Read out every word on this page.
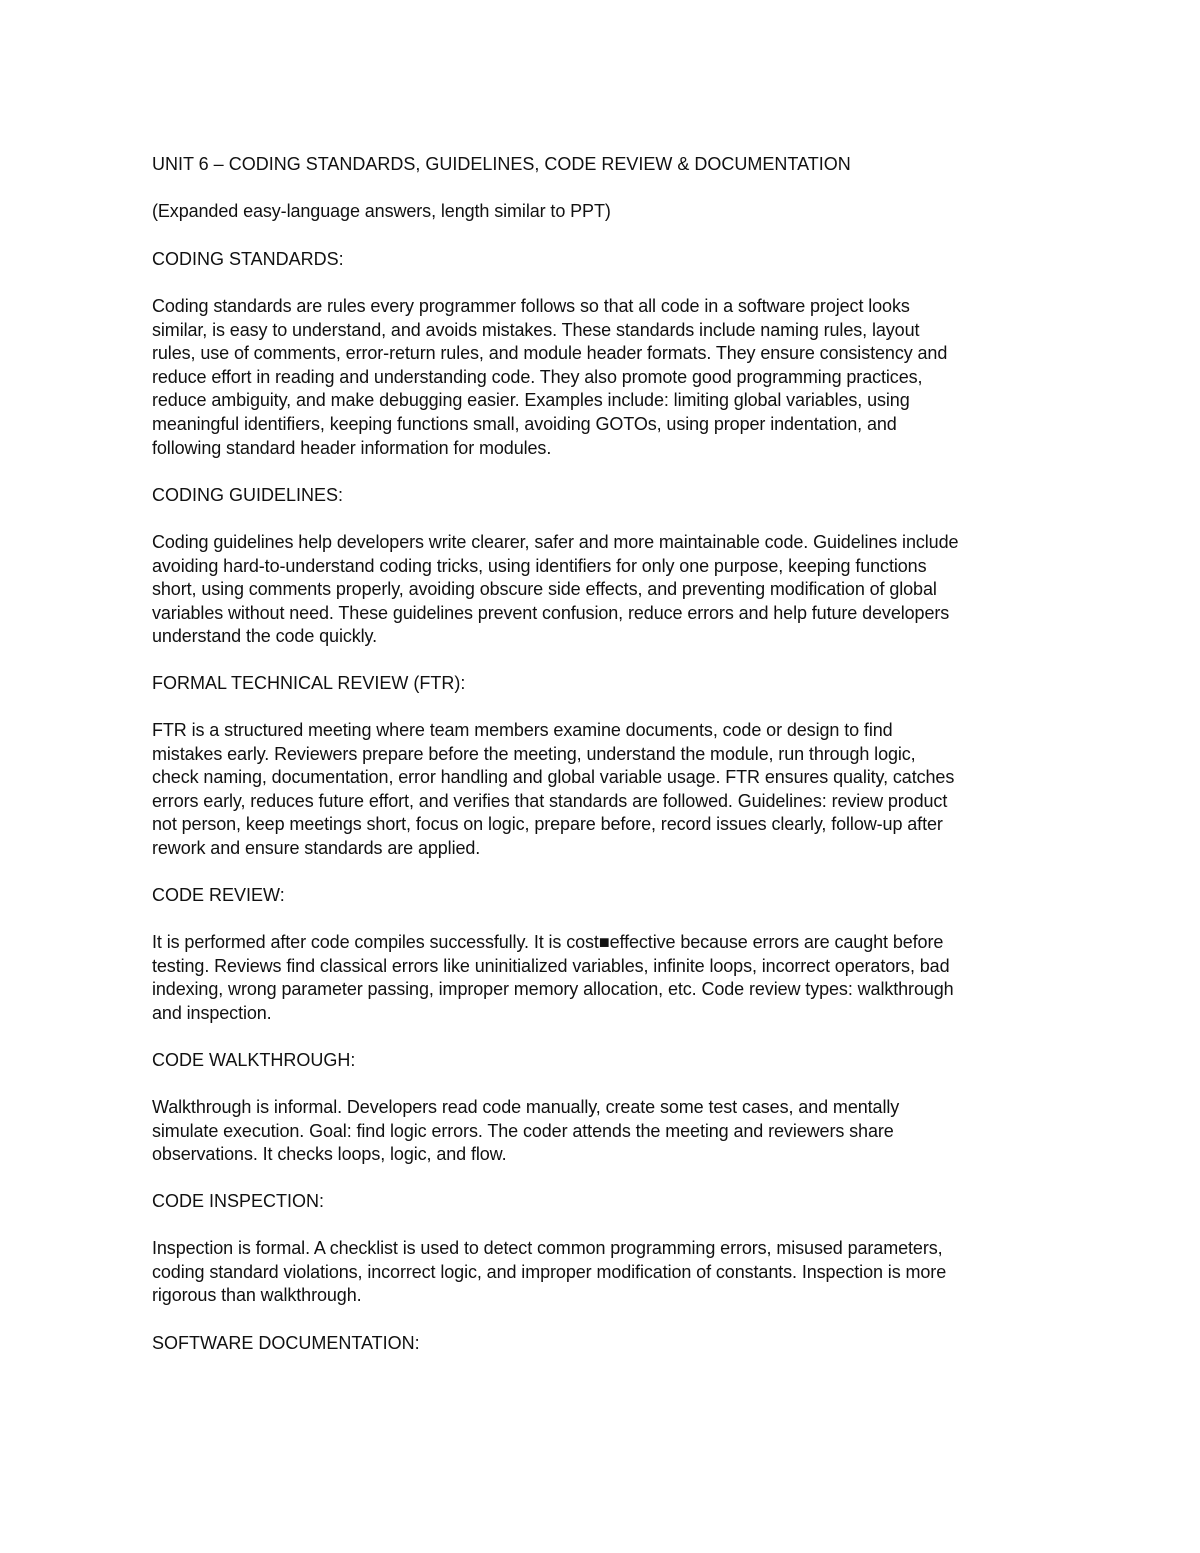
UNIT 6 – CODING STANDARDS, GUIDELINES, CODE REVIEW & DOCUMENTATION

(Expanded easy-language answers, length similar to PPT)

CODING STANDARDS:

Coding standards are rules every programmer follows so that all code in a software project looks
similar, is easy to understand, and avoids mistakes. These standards include naming rules, layout
rules, use of comments, error-return rules, and module header formats. They ensure consistency and
reduce effort in reading and understanding code. They also promote good programming practices,
reduce ambiguity, and make debugging easier. Examples include: limiting global variables, using
meaningful identifiers, keeping functions small, avoiding GOTOs, using proper indentation, and
following standard header information for modules.

CODING GUIDELINES:

Coding guidelines help developers write clearer, safer and more maintainable code. Guidelines include
avoiding hard-to-understand coding tricks, using identifiers for only one purpose, keeping functions
short, using comments properly, avoiding obscure side effects, and preventing modification of global
variables without need. These guidelines prevent confusion, reduce errors and help future developers
understand the code quickly.

FORMAL TECHNICAL REVIEW (FTR):

FTR is a structured meeting where team members examine documents, code or design to find
mistakes early. Reviewers prepare before the meeting, understand the module, run through logic,
check naming, documentation, error handling and global variable usage. FTR ensures quality, catches
errors early, reduces future effort, and verifies that standards are followed. Guidelines: review product
not person, keep meetings short, focus on logic, prepare before, record issues clearly, follow-up after
rework and ensure standards are applied.

CODE REVIEW:

It is performed after code compiles successfully. It is cost■effective because errors are caught before
testing. Reviews find classical errors like uninitialized variables, infinite loops, incorrect operators, bad
indexing, wrong parameter passing, improper memory allocation, etc. Code review types: walkthrough
and inspection.

CODE WALKTHROUGH:

Walkthrough is informal. Developers read code manually, create some test cases, and mentally
simulate execution. Goal: find logic errors. The coder attends the meeting and reviewers share
observations. It checks loops, logic, and flow.

CODE INSPECTION:

Inspection is formal. A checklist is used to detect common programming errors, misused parameters,
coding standard violations, incorrect logic, and improper modification of constants. Inspection is more
rigorous than walkthrough.

SOFTWARE DOCUMENTATION:
